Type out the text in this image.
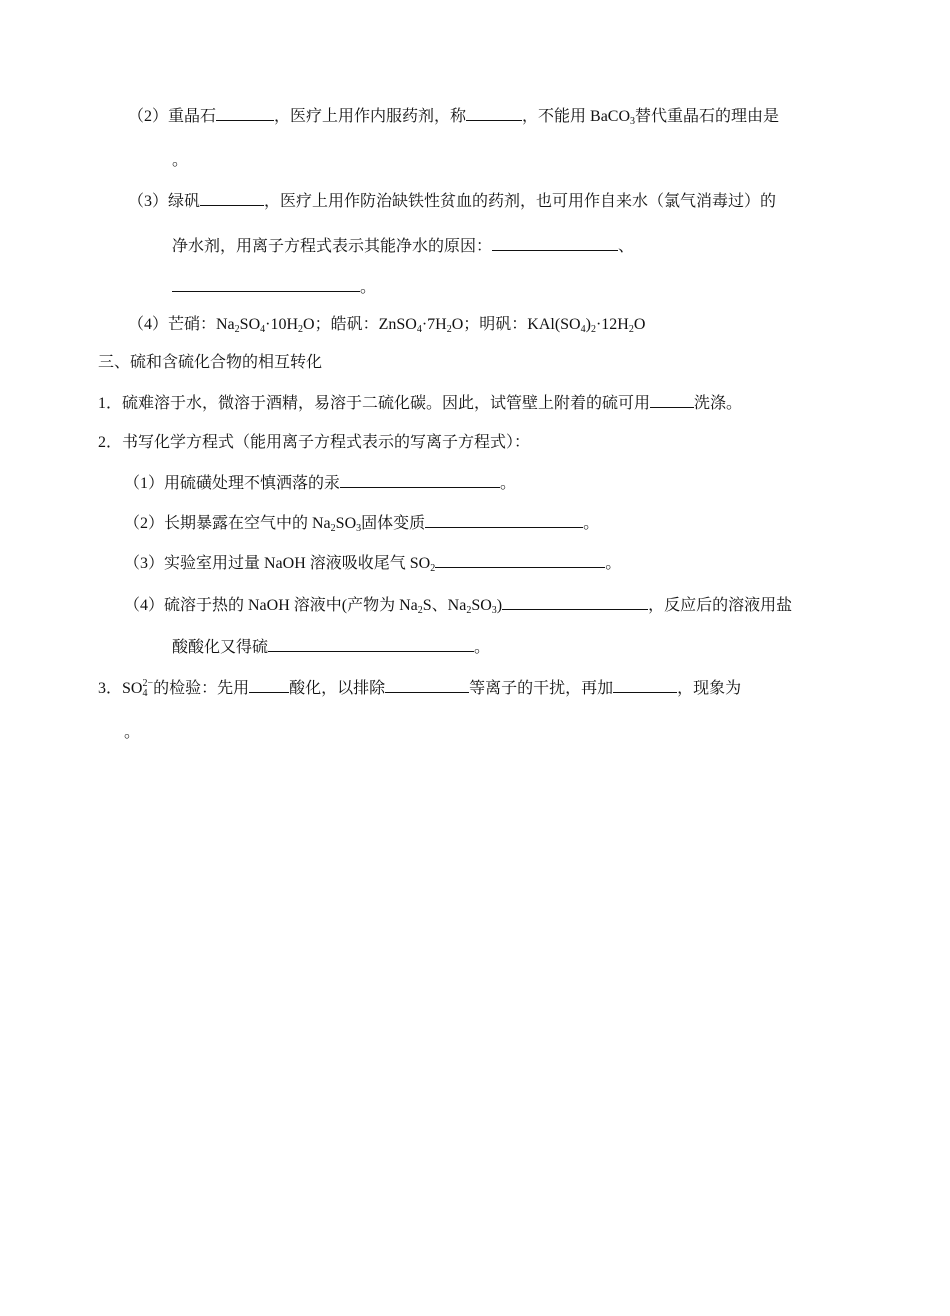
（2）重晶石	，医疗上用作内服药剂，称	，不能用 BaCO$_3$替代重晶石的理由是
。
（3）绿矾	，医疗上用作防治缺铁性贫血的药剂，也可用作自来水（氯气消毒过）的
净水剂，用离子方程式表示其能净水的原因：	、
。
（4）芒硝：$Na_2SO_4\cdot 10H_2O$；皓矾：$ZnSO_4\cdot 7H_2O$；明矾：$KAl(SO_4)_2\cdot 12H_2O$
三、硫和含硫化合物的相互转化
1．硫难溶于水，微溶于酒精，易溶于二硫化碳。因此，试管壁上附着的硫可用	洗涤。
2．书写化学方程式（能用离子方程式表示的写离子方程式）：
（1）用硫磺处理不慎洒落的汞	。
（2）长期暴露在空气中的 $Na_2SO_3$固体变质	。
（3）实验室用过量 NaOH 溶液吸收尾气 $SO_2$	。
（4）硫溶于热的 NaOH 溶液中(产物为 $Na_2S$、$Na_2SO_3$)	，反应后的溶液用盐
酸酸化又得硫	。
3．$SO_4^{2-}$的检验：先用	酸化，以排除	等离子的干扰，再加	，现象为
。
